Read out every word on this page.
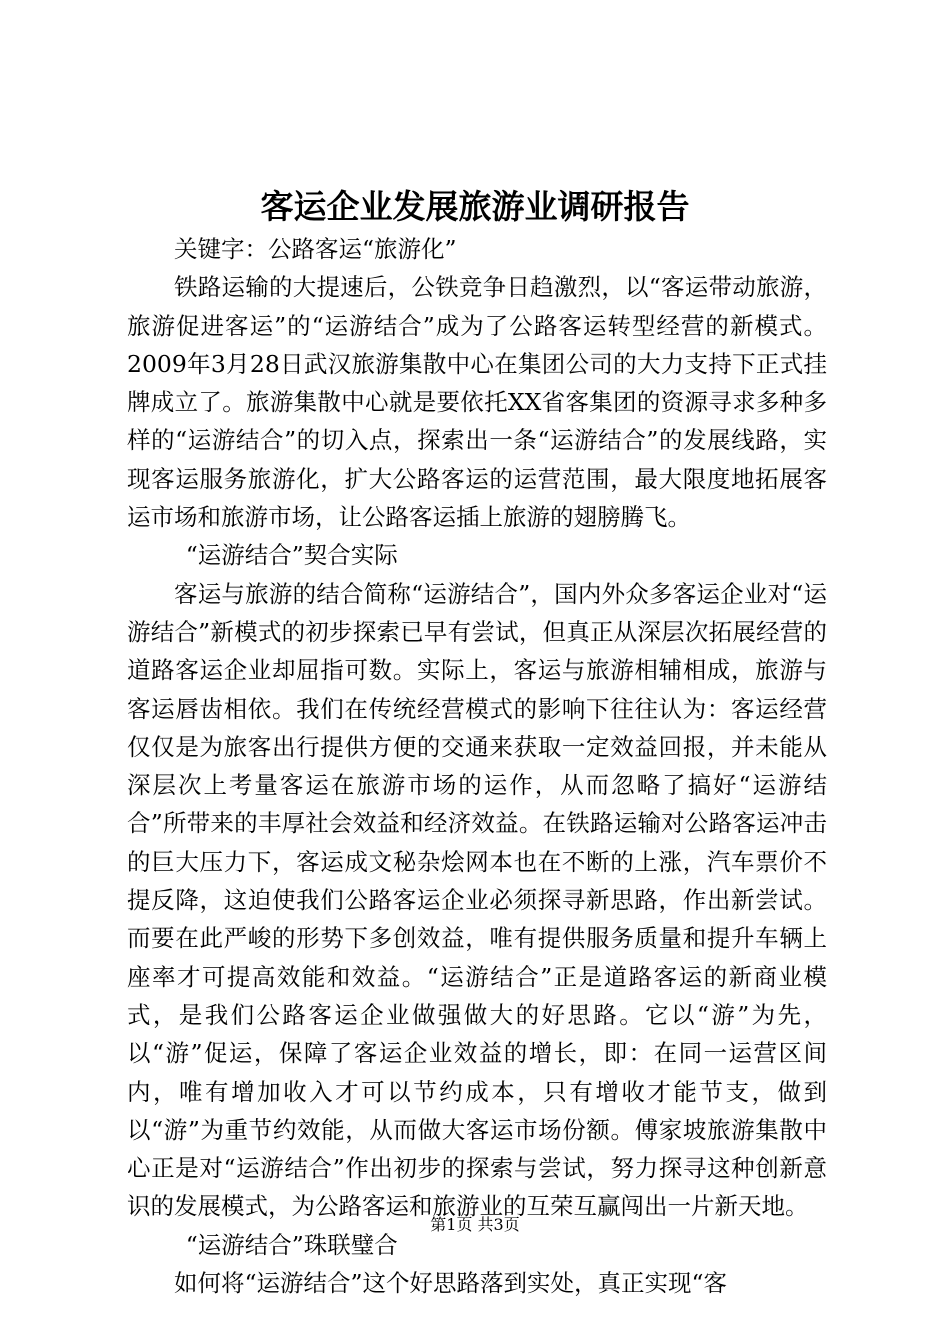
客运企业发展旅游业调研报告

关键字：公路客运“旅游化”

铁路运输的大提速后，公铁竞争日趋激烈，以“客运带动旅游，旅游促进客运”的“运游结合”成为了公路客运转型经营的新模式。2009年3月28日武汉旅游集散中心在集团公司的大力支持下正式挂牌成立了。旅游集散中心就是要依托XX省客集团的资源寻求多种多样的“运游结合”的切入点，探索出一条“运游结合”的发展线路，实现客运服务旅游化，扩大公路客运的运营范围，最大限度地拓展客运市场和旅游市场，让公路客运插上旅游的翅膀腾飞。

“运游结合”契合实际

客运与旅游的结合简称“运游结合”，国内外众多客运企业对“运游结合”新模式的初步探索已早有尝试，但真正从深层次拓展经营的道路客运企业却屈指可数。实际上，客运与旅游相辅相成，旅游与客运唇齿相依。我们在传统经营模式的影响下往往认为：客运经营仅仅是为旅客出行提供方便的交通来获取一定效益回报，并未能从深层次上考量客运在旅游市场的运作，从而忽略了搞好“运游结合”所带来的丰厚社会效益和经济效益。在铁路运输对公路客运冲击的巨大压力下，客运成文秘杂烩网本也在不断的上涨，汽车票价不提反降，这迫使我们公路客运企业必须探寻新思路，作出新尝试。而要在此严峻的形势下多创效益，唯有提供服务质量和提升车辆上座率才可提高效能和效益。“运游结合”正是道路客运的新商业模式，是我们公路客运企业做强做大的好思路。它以“游”为先，以“游”促运，保障了客运企业效益的增长，即：在同一运营区间内，唯有增加收入才可以节约成本，只有增收才能节支，做到以“游”为重节约效能，从而做大客运市场份额。傅家坡旅游集散中心正是对“运游结合”作出初步的探索与尝试，努力探寻这种创新意识的发展模式，为公路客运和旅游业的互荣互赢闯出一片新天地。

“运游结合”珠联璧合

如何将“运游结合”这个好思路落到实处，真正实现“客

第1页 共3页
